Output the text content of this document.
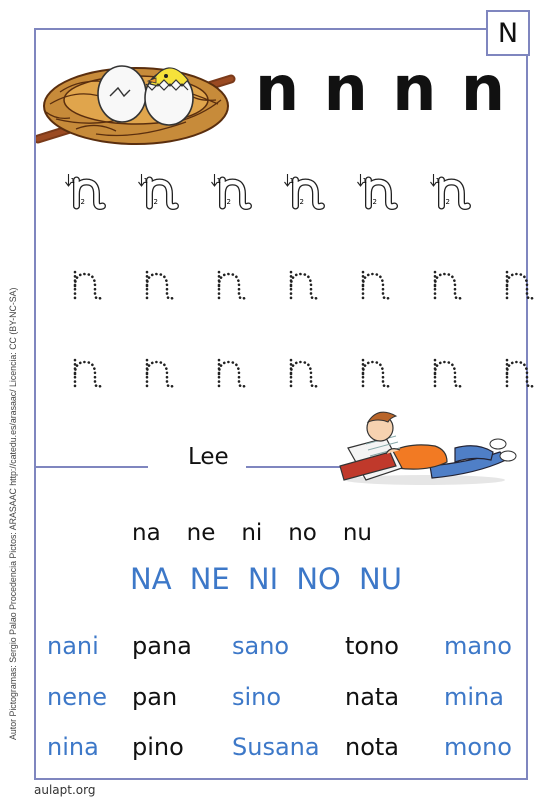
N
Autor Pictogramas: Sergio Palao Procedencia Pictos: ARASAAC http://catedu.es/arasaac/ Licencia: CC (BY-NC-SA)
aulapt.org
n n n n
1
2
1
2
1
2
1
2
1
2
1
2
Lee
na ne ni no nu
NA NE NI NO NU
nani pana sano tono mano
nene pan sino	nata mina
nina pino Susana nota mono
